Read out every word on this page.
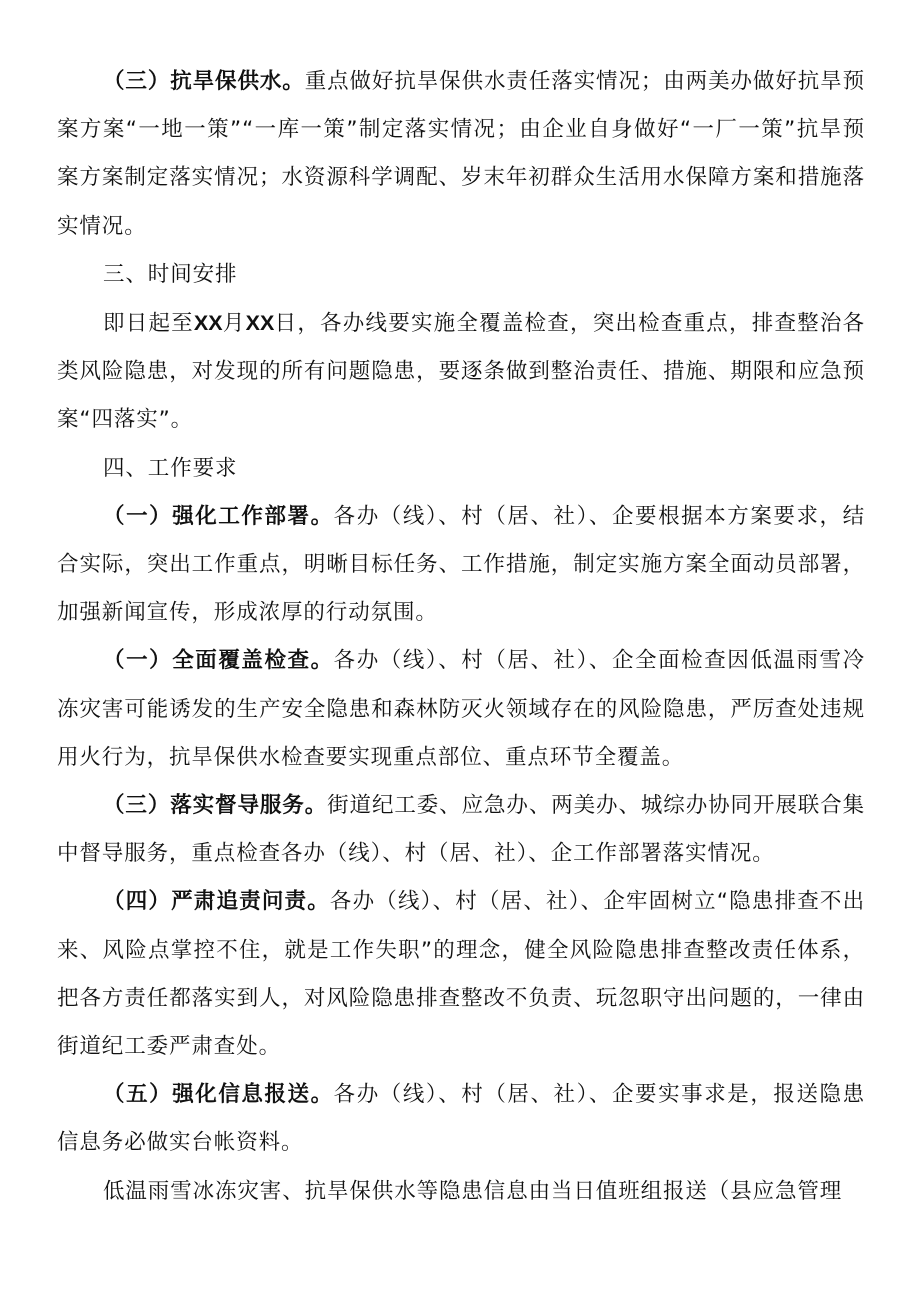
（三）抗旱保供水。重点做好抗旱保供水责任落实情况；由两美办做好抗旱预案方案“一地一策”“一库一策”制定落实情况；由企业自身做好“一厂一策”抗旱预案方案制定落实情况；水资源科学调配、岁末年初群众生活用水保障方案和措施落实情况。

三、时间安排

即日起至XX月XX日，各办线要实施全覆盖检查，突出检查重点，排查整治各类风险隐患，对发现的所有问题隐患，要逐条做到整治责任、措施、期限和应急预案“四落实”。

四、工作要求

（一）强化工作部署。各办（线）、村（居、社）、企要根据本方案要求，结合实际，突出工作重点，明晰目标任务、工作措施，制定实施方案全面动员部署，加强新闻宣传，形成浓厚的行动氛围。

（一）全面覆盖检查。各办（线）、村（居、社）、企全面检查因低温雨雪冷冻灾害可能诱发的生产安全隐患和森林防灭火领域存在的风险隐患，严厉查处违规用火行为，抗旱保供水检查要实现重点部位、重点环节全覆盖。

（三）落实督导服务。街道纪工委、应急办、两美办、城综办协同开展联合集中督导服务，重点检查各办（线）、村（居、社）、企工作部署落实情况。

（四）严肃追责问责。各办（线）、村（居、社）、企牢固树立“隐患排查不出来、风险点掌控不住，就是工作失职”的理念，健全风险隐患排查整改责任体系，把各方责任都落实到人，对风险隐患排查整改不负责、玩忽职守出问题的，一律由街道纪工委严肃查处。

（五）强化信息报送。各办（线）、村（居、社）、企要实事求是，报送隐患信息务必做实台帐资料。

低温雨雪冰冻灾害、抗旱保供水等隐患信息由当日值班组报送（县应急管理
